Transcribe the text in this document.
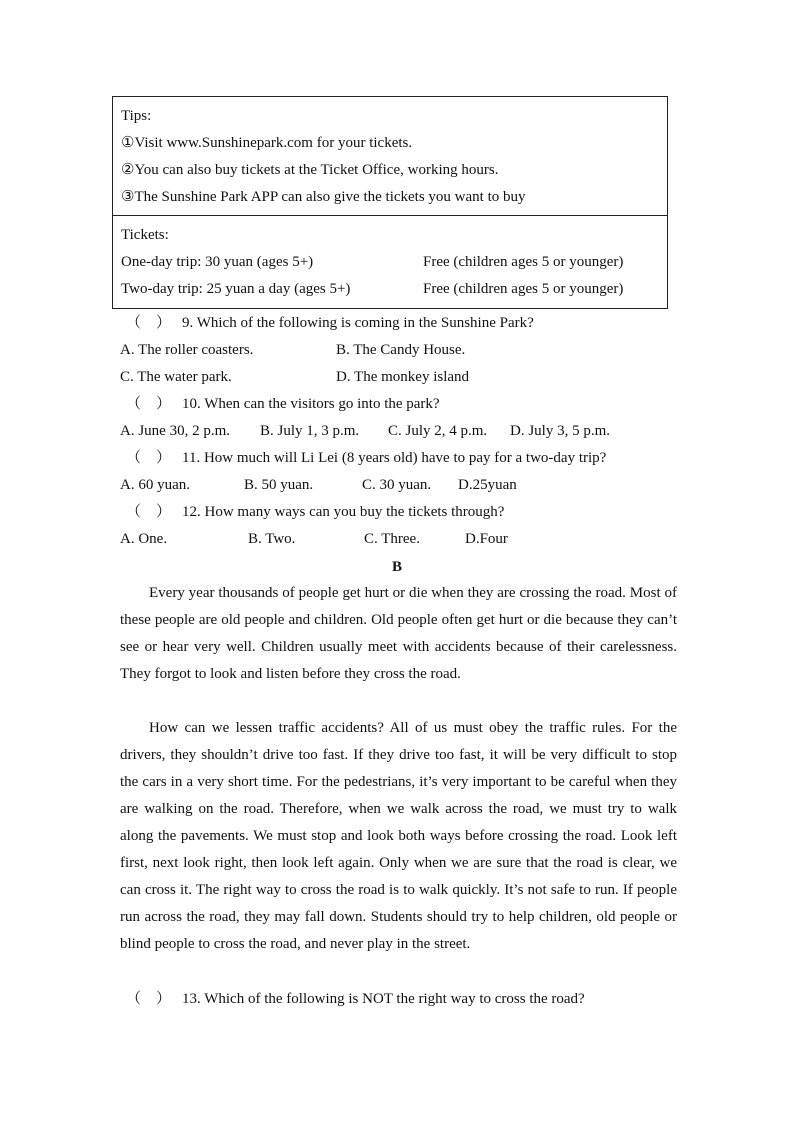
Tips:
①Visit www.Sunshinepark.com for your tickets.
②You can also buy tickets at the Ticket Office, working hours.
③The Sunshine Park APP can also give the tickets you want to buy
Tickets:
One-day trip: 30 yuan (ages 5+)	Free (children ages 5 or younger)
Two-day trip: 25 yuan a day (ages 5+)	Free (children ages 5 or younger)
（　） 9. Which of the following is coming in the Sunshine Park?
A. The roller coasters.	B. The Candy House.
C. The water park.	D. The monkey island
（　） 10. When can the visitors go into the park?
A. June 30, 2 p.m. B. July 1, 3 p.m. C. July 2, 4 p.m. D. July 3, 5 p.m.
（　） 11. How much will Li Lei (8 years old) have to pay for a two-day trip?
A. 60 yuan.	B. 50 yuan.	C. 30 yuan. D.25yuan
（　） 12. How many ways can you buy the tickets through?
A. One.	B. Two.	C. Three.	D.Four
B

Every year thousands of people get hurt or die when they are crossing the road. Most of these people are old people and children. Old people often get hurt or die because they can’t see or hear very well. Children usually meet with accidents because of their carelessness. They forgot to look and listen before they cross the road.

How can we lessen traffic accidents? All of us must obey the traffic rules. For the drivers, they shouldn’t drive too fast. If they drive too fast, it will be very difficult to stop the cars in a very short time. For the pedestrians, it’s very important to be careful when they are walking on the road. Therefore, when we walk across the road, we must try to walk along the pavements. We must stop and look both ways before crossing the road. Look left first, next look right, then look left again. Only when we are sure that the road is clear, we can cross it. The right way to cross the road is to walk quickly. It’s not safe to run. If people run across the road, they may fall down. Students should try to help children, old people or blind people to cross the road, and never play in the street.

（　） 13. Which of the following is NOT the right way to cross the road?
